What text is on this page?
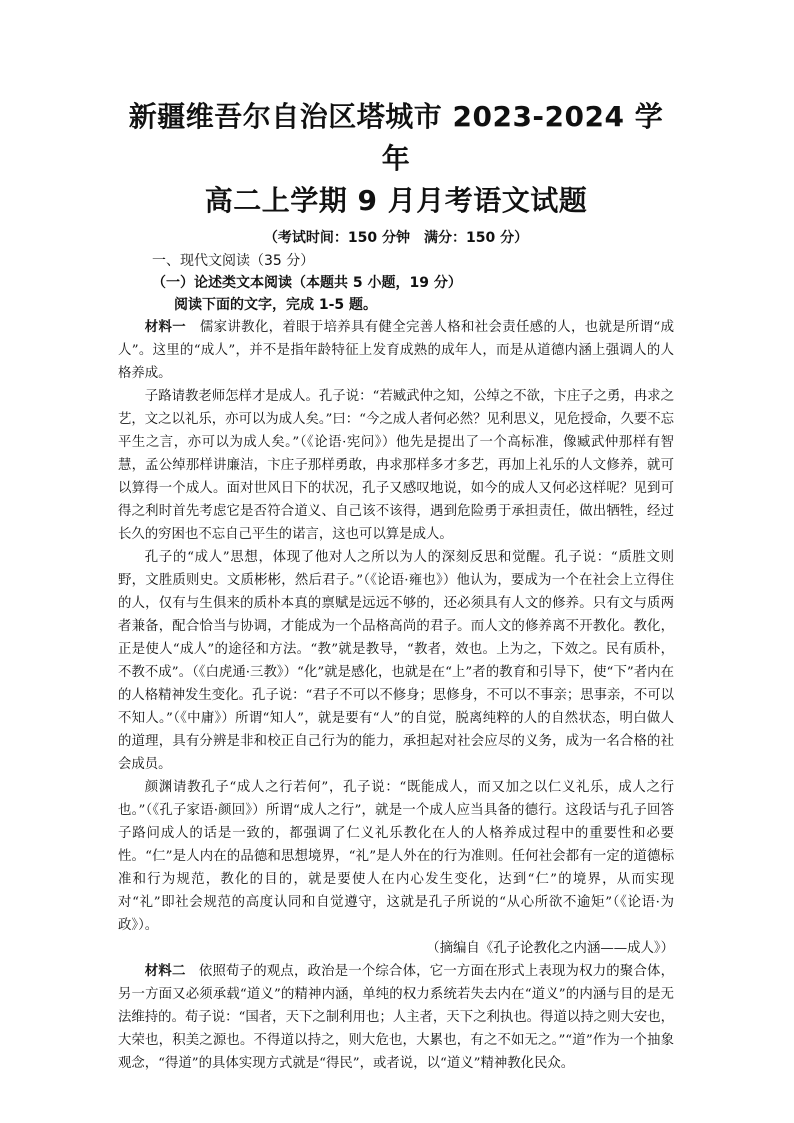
新疆维吾尔自治区塔城市 2023-2024 学年
高二上学期 9 月月考语文试题

（考试时间：150 分钟 满分：150 分）

一、现代文阅读（35 分）

（一）论述类文本阅读（本题共 5 小题，19 分）

阅读下面的文字，完成 1-5 题。

材料一 儒家讲教化，着眼于培养具有健全完善人格和社会责任感的人，也就是所谓“成人”。这里的“成人”，并不是指年龄特征上发育成熟的成年人，而是从道德内涵上强调人的人格养成。

子路请教老师怎样才是成人。孔子说：“若臧武仲之知，公绰之不欲，卞庄子之勇，冉求之艺，文之以礼乐，亦可以为成人矣。”曰：“今之成人者何必然？见利思义，见危授命，久要不忘平生之言，亦可以为成人矣。”（《论语·宪问》）他先是提出了一个高标准，像臧武仲那样有智慧，孟公绰那样讲廉洁，卞庄子那样勇敢，冉求那样多才多艺，再加上礼乐的人文修养，就可以算得一个成人。面对世风日下的状况，孔子又感叹地说，如今的成人又何必这样呢？见到可得之利时首先考虑它是否符合道义、自己该不该得，遇到危险勇于承担责任，做出牺牲，经过长久的穷困也不忘自己平生的诺言，这也可以算是成人。

孔子的“成人”思想，体现了他对人之所以为人的深刻反思和觉醒。孔子说：“质胜文则野，文胜质则史。文质彬彬，然后君子。”（《论语·雍也》）他认为，要成为一个在社会上立得住的人，仅有与生俱来的质朴本真的禀赋是远远不够的，还必须具有人文的修养。只有文与质两者兼备，配合恰当与协调，才能成为一个品格高尚的君子。而人文的修养离不开教化。教化，正是使人“成人”的途径和方法。“教”就是教导，“教者，效也。上为之，下效之。民有质朴，不教不成”。（《白虎通·三教》）“化”就是感化，也就是在“上”者的教育和引导下，使“下”者内在的人格精神发生变化。孔子说：“君子不可以不修身；思修身，不可以不事亲；思事亲，不可以不知人。”（《中庸》）所谓“知人”，就是要有“人”的自觉，脱离纯粹的人的自然状态，明白做人的道理，具有分辨是非和校正自己行为的能力，承担起对社会应尽的义务，成为一名合格的社会成员。

颜渊请教孔子“成人之行若何”，孔子说：“既能成人，而又加之以仁义礼乐，成人之行也。”（《孔子家语·颜回》）所谓“成人之行”，就是一个成人应当具备的德行。这段话与孔子回答子路问成人的话是一致的，都强调了仁义礼乐教化在人的人格养成过程中的重要性和必要性。“仁”是人内在的品德和思想境界，“礼”是人外在的行为准则。任何社会都有一定的道德标准和行为规范，教化的目的，就是要使人在内心发生变化，达到“仁”的境界，从而实现对“礼”即社会规范的高度认同和自觉遵守，这就是孔子所说的“从心所欲不逾矩”（《论语·为政》）。

（摘编自《孔子论教化之内涵——成人》）

材料二 依照荀子的观点，政治是一个综合体，它一方面在形式上表现为权力的聚合体，另一方面又必须承载“道义”的精神内涵，单纯的权力系统若失去内在“道义”的内涵与目的是无法维持的。荀子说：“国者，天下之制利用也；人主者，天下之利执也。得道以持之则大安也，大荣也，积美之源也。不得道以持之，则大危也，大累也，有之不如无之。”“道”作为一个抽象观念，“得道”的具体实现方式就是“得民”，或者说，以“道义”精神教化民众。
